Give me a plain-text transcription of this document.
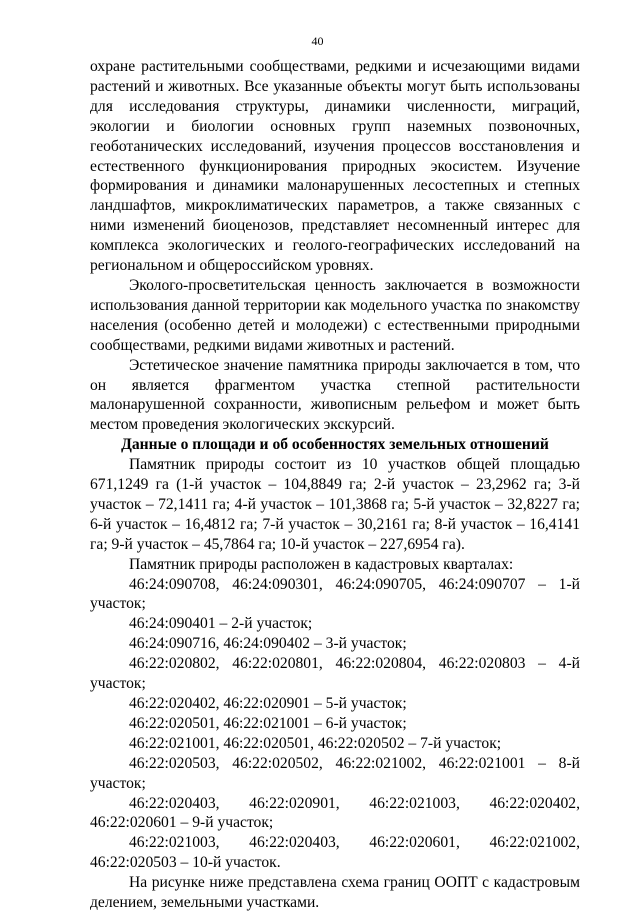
40

охране растительными сообществами, редкими и исчезающими видами растений и животных. Все указанные объекты могут быть использованы для исследования структуры, динамики численности, миграций, экологии и биологии основных групп наземных позвоночных, геоботанических исследований, изучения процессов восстановления и естественного функционирования природных экосистем. Изучение формирования и динамики малонарушенных лесостепных и степных ландшафтов, микроклиматических параметров, а также связанных с ними изменений биоценозов, представляет несомненный интерес для комплекса экологических и геолого-географических исследований на региональном и общероссийском уровнях.

Эколого-просветительская ценность заключается в возможности использования данной территории как модельного участка по знакомству населения (особенно детей и молодежи) с естественными природными сообществами, редкими видами животных и растений.

Эстетическое значение памятника природы заключается в том, что он является фрагментом участка степной растительности малонарушенной сохранности, живописным рельефом и может быть местом проведения экологических экскурсий.

Данные о площади и об особенностях земельных отношений

Памятник природы состоит из 10 участков общей площадью 671,1249 га (1-й участок – 104,8849 га; 2-й участок – 23,2962 га; 3-й участок – 72,1411 га; 4-й участок – 101,3868 га; 5-й участок – 32,8227 га; 6-й участок – 16,4812 га; 7-й участок – 30,2161 га; 8-й участок – 16,4141 га; 9-й участок – 45,7864 га; 10-й участок – 227,6954 га).

Памятник природы расположен в кадастровых кварталах:

46:24:090708, 46:24:090301, 46:24:090705, 46:24:090707 – 1-й участок;

46:24:090401 – 2-й участок;

46:24:090716, 46:24:090402 – 3-й участок;

46:22:020802, 46:22:020801, 46:22:020804, 46:22:020803 – 4-й участок;

46:22:020402, 46:22:020901 – 5-й участок;

46:22:020501, 46:22:021001 – 6-й участок;

46:22:021001, 46:22:020501, 46:22:020502 – 7-й участок;

46:22:020503, 46:22:020502, 46:22:021002, 46:22:021001 – 8-й участок;

46:22:020403, 46:22:020901, 46:22:021003, 46:22:020402, 46:22:020601 – 9-й участок;

46:22:021003, 46:22:020403, 46:22:020601, 46:22:021002, 46:22:020503 – 10-й участок.

На рисунке ниже представлена схема границ ООПТ с кадастровым делением, земельными участками.
